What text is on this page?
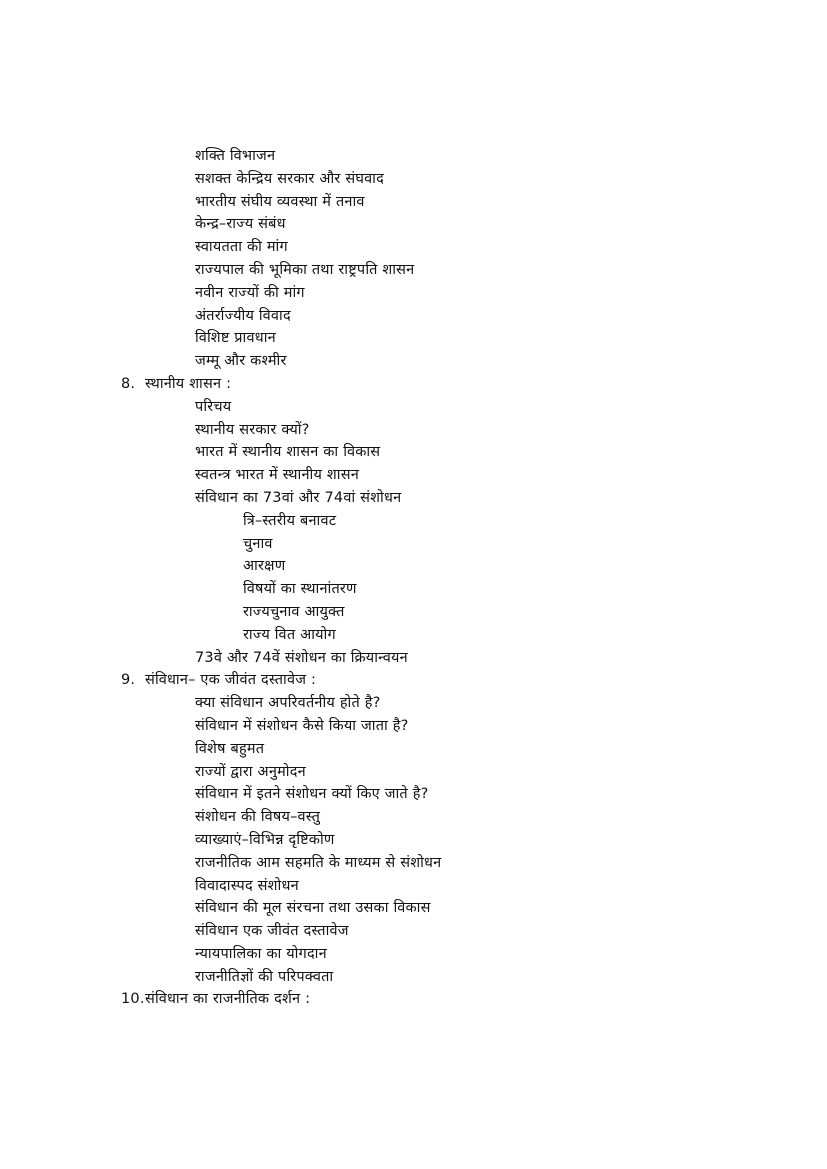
शक्ति विभाजन
सशक्त केन्द्रिय सरकार और संघवाद
भारतीय संघीय व्यवस्था में तनाव
केन्द्र–राज्य संबंध
स्वायतता की मांग
राज्यपाल की भूमिका तथा राष्ट्रपति शासन
नवीन राज्यों की मांग
अंतर्राज्यीय विवाद
विशिष्ट प्रावधान
जम्मू और कश्मीर
8. स्थानीय शासन :
परिचय
स्थानीय सरकार क्यों?
भारत में स्थानीय शासन का विकास
स्वतन्त्र भारत में स्थानीय शासन
संविधान का 73वां और 74वां संशोधन
त्रि–स्तरीय बनावट
चुनाव
आरक्षण
विषयों का स्थानांतरण
राज्यचुनाव आयुक्त
राज्य वित आयोग
73वे और 74वें संशोधन का क्रियान्वयन
9. संविधान– एक जीवंत दस्तावेज :
क्या संविधान अपरिवर्तनीय होते है?
संविधान में संशोधन कैसे किया जाता है?
विशेष बहुमत
राज्यों द्वारा अनुमोदन
संविधान में इतने संशोधन क्यों किए जाते है?
संशोधन की विषय–वस्तु
व्याख्याएं–विभिन्न दृष्टिकोण
राजनीतिक आम सहमति के माध्यम से संशोधन
विवादास्पद संशोधन
संविधान की मूल संरचना तथा उसका विकास
संविधान एक जीवंत दस्तावेज
न्यायपालिका का योगदान
राजनीतिज्ञों की परिपक्वता
10.संविधान का राजनीतिक दर्शन :
